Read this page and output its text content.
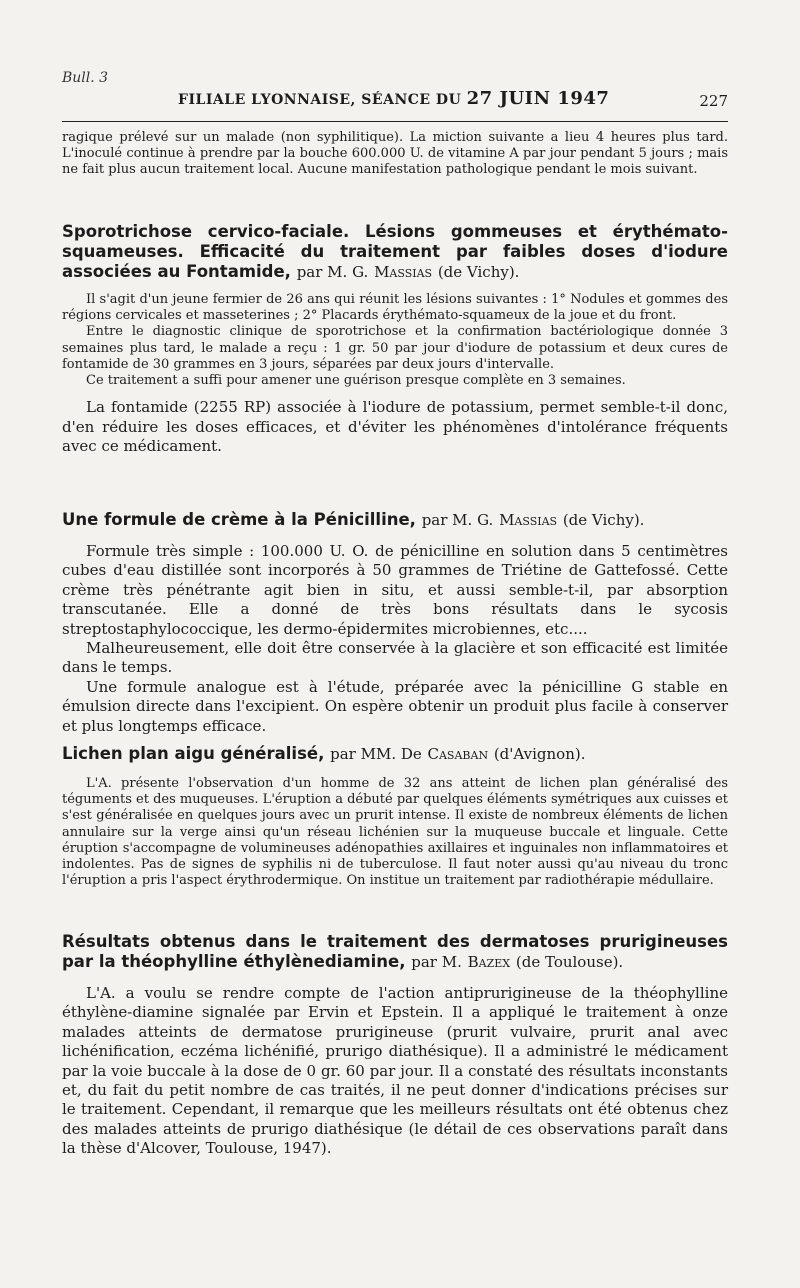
Bull. 3
FILIALE LYONNAISE, SÉANCE DU 27 JUIN 1947	227

ragique prélevé sur un malade (non syphilitique). La miction suivante a lieu 4 heures plus tard. L'inoculé continue à prendre par la bouche 600.000 U. de vitamine A par jour pendant 5 jours ; mais ne fait plus aucun traitement local. Aucune manifestation pathologique pendant le mois suivant.

Sporotrichose cervico-faciale. Lésions gommeuses et érythémato-squameuses. Efficacité du traitement par faibles doses d'iodure associées au Fontamide, par M. G. Massias (de Vichy).

Il s'agit d'un jeune fermier de 26 ans qui réunit les lésions suivantes : 1° Nodules et gommes des régions cervicales et masseterines ; 2° Placards érythémato-squameux de la joue et du front.

Entre le diagnostic clinique de sporotrichose et la confirmation bactériologique donnée 3 semaines plus tard, le malade a reçu : 1 gr. 50 par jour d'iodure de potassium et deux cures de fontamide de 30 grammes en 3 jours, séparées par deux jours d'intervalle.

Ce traitement a suffi pour amener une guérison presque complète en 3 semaines.

La fontamide (2255 RP) associée à l'iodure de potassium, permet semble-t-il donc, d'en réduire les doses efficaces, et d'éviter les phénomènes d'intolérance fréquents avec ce médicament.

Une formule de crème à la Pénicilline, par M. G. Massias (de Vichy).

Formule très simple : 100.000 U. O. de pénicilline en solution dans 5 centimètres cubes d'eau distillée sont incorporés à 50 grammes de Triétine de Gattefossé. Cette crème très pénétrante agit bien in situ, et aussi semble-t-il, par absorption transcutanée. Elle a donné de très bons résultats dans le sycosis streptostaphylococcique, les dermo-épidermites microbiennes, etc....

Malheureusement, elle doit être conservée à la glacière et son efficacité est limitée dans le temps.

Une formule analogue est à l'étude, préparée avec la pénicilline G stable en émulsion directe dans l'excipient. On espère obtenir un produit plus facile à conserver et plus longtemps efficace.

Lichen plan aigu généralisé, par MM. De Casaban (d'Avignon).

L'A. présente l'observation d'un homme de 32 ans atteint de lichen plan généralisé des téguments et des muqueuses. L'éruption a débuté par quelques éléments symétriques aux cuisses et s'est généralisée en quelques jours avec un prurit intense. Il existe de nombreux éléments de lichen annulaire sur la verge ainsi qu'un réseau lichénien sur la muqueuse buccale et linguale. Cette éruption s'accompagne de volumineuses adénopathies axillaires et inguinales non inflammatoires et indolentes. Pas de signes de syphilis ni de tuberculose. Il faut noter aussi qu'au niveau du tronc l'éruption a pris l'aspect érythrodermique. On institue un traitement par radiothérapie médullaire.

Résultats obtenus dans le traitement des dermatoses prurigineuses par la théophylline éthylènediamine, par M. Bazex (de Toulouse).

L'A. a voulu se rendre compte de l'action antiprurigineuse de la théophylline éthylène-diamine signalée par Ervin et Epstein. Il a appliqué le traitement à onze malades atteints de dermatose prurigineuse (prurit vulvaire, prurit anal avec lichénification, eczéma lichénifié, prurigo diathésique). Il a administré le médicament par la voie buccale à la dose de 0 gr. 60 par jour. Il a constaté des résultats inconstants et, du fait du petit nombre de cas traités, il ne peut donner d'indications précises sur le traitement. Cependant, il remarque que les meilleurs résultats ont été obtenus chez des malades atteints de prurigo diathésique (le détail de ces observations paraît dans la thèse d'Alcover, Toulouse, 1947).
